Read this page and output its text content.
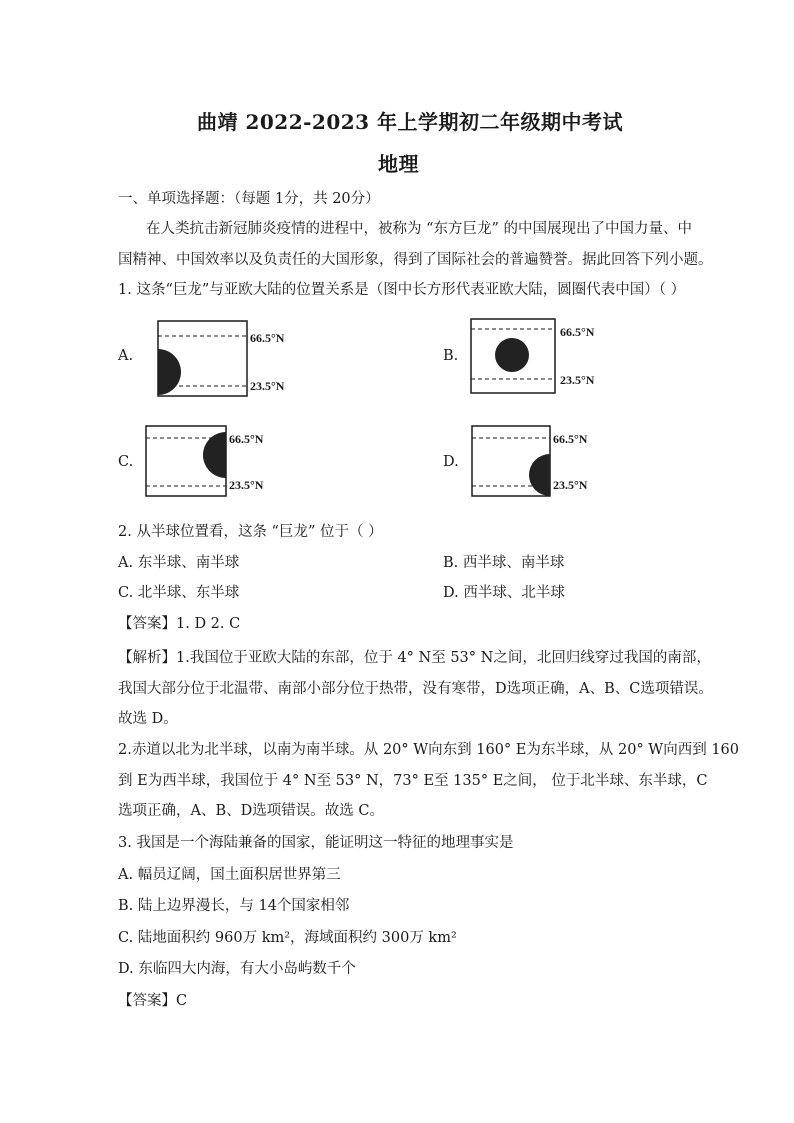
曲靖 2022-2023 年上学期初二年级期中考试
地理
一、单项选择题：（每题 1分，共 20分）
在人类抗击新冠肺炎疫情的进程中，被称为 “东方巨龙” 的中国展现出了中国力量、中
国精神、中国效率以及负责任的大国形象，得到了国际社会的普遍赞誉。据此回答下列小题。
1. 这条“巨龙”与亚欧大陆的位置关系是（图中长方形代表亚欧大陆，圆圈代表中国）（ ）
A.
66.5°N
23.5°N
B.
66.5°N
23.5°N
C.
66.5°N
23.5°N
D.
66.5°N
23.5°N
2. 从半球位置看，这条 “巨龙” 位于（ ）
A. 东半球、南半球	B. 西半球、南半球
C. 北半球、东半球	D. 西半球、北半球
【答案】1. D 2. C
【解析】1.我国位于亚欧大陆的东部，位于 4° N至 53° N之间，北回归线穿过我国的南部，
我国大部分位于北温带、南部小部分位于热带，没有寒带，D选项正确，A、B、C选项错误。
故选 D。
2.赤道以北为北半球，以南为南半球。从 20° W向东到 160° E为东半球，从 20° W向西到 160
到 E为西半球，我国位于 4° N至 53° N，73° E至 135° E之间， 位于北半球、东半球，C
选项正确，A、B、D选项错误。故选 C。
3. 我国是一个海陆兼备的国家，能证明这一特征的地理事实是
A. 幅员辽阔，国土面积居世界第三
B. 陆上边界漫长，与 14个国家相邻
C. 陆地面积约 960万 km²，海域面积约 300万 km²
D. 东临四大内海，有大小岛屿数千个
【答案】C
